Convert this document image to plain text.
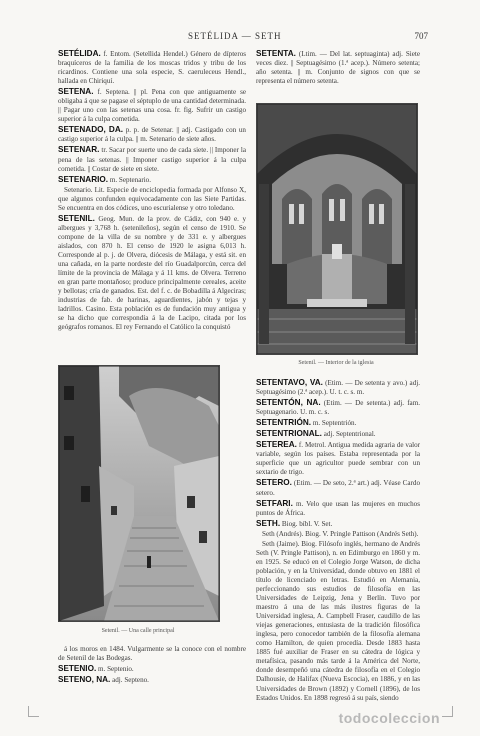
SETÉLIDA — SETH	707

SETÉLIDA. f. Entom. (Setellida Hendel.) Género de dípteros braquíceros de la familia de los moscas tridos y tribu de los ricardinos. Contiene una sola especie, S. caeruleceus Hendl., hallada en Chiriquí.

SETENA. f. Septena. || pl. Pena con que antiguamente se obligaba á que se pagase el séptuplo de una cantidad determinada. || Pagar uno con las setenas una cosa. fr. fig. Sufrir un castigo superior á la culpa cometida.

SETENADO, DA. p. p. de Setenar. || adj. Castigado con un castigo superior á la culpa. || m. Setenario de siete años.

SETENAR. tr. Sacar por suerte uno de cada siete. || Imponer la pena de las setenas. || Imponer castigo superior á la culpa cometida. || Costar de siete en siete.

SETENARIO. m. Septenario.

Setenario. Lit. Especie de enciclopedia formada por Alfonso X, que algunos confunden equivocadamente con las Siete Partidas. Se encuentra en dos códices, uno escurialense y otro toledano.

SETENIL. Geog. Mun. de la prov. de Cádiz, con 940 e. y albergues y 3,768 h. (setenileños), según el censo de 1910. Se compone de la villa de su nombre y de 331 e. y albergues aislados, con 870 h. El censo de 1920 le asigna 6,013 h. Corresponde al p. j. de Olvera, diócesis de Málaga, y está sit. en una cañada, en la parte nordeste del río Guadalporcún, cerca del límite de la provincia de Málaga y á 11 kms. de Olvera. Terreno en gran parte montañoso; produce principalmente cereales, aceite y bellotas; cría de ganados. Est. del f. c. de Bobadilla á Algeciras; industrias de fab. de harinas, aguardientes, jabón y tejas y ladrillos. Casino. Esta población es de fundación muy antigua y se ha dicho que correspondía á la de Lacipo, citada por los geógrafos romanos. El rey Fernando el Católico la conquistó

Setenil. — Una calle principal

á los moros en 1484. Vulgarmente se la conoce con el nombre de Setenil de las Bodegas.

SETENIO. m. Septenio.

SETENO, NA. adj. Septeno.

SETENTA. (Ltim. — Del lat. septuaginta) adj. Siete veces diez. || Septuagésimo (1.ª acep.). Número setenta; año setenta. || m. Conjunto de signos con que se representa el número setenta.

Setenil. — Interior de la iglesia

SETENTAVO, VA. (Etim. — De setenta y avo.) adj. Septuagésimo (2.ª acep.). U. t. c. s. m.

SETENTÓN, NA. (Etim. — De setenta.) adj. fam. Septuagenario. U. m. c. s.

SETENTRIÓN. m. Septentrión.

SETENTRIONAL. adj. Septentrional.

SETEREA. f. Metrol. Antigua medida agraria de valor variable, según los países. Estaba representada por la superficie que un agricultor puede sembrar con un sextario de trigo.

SETERO. (Etim. — De seto, 2.ª art.) adj. Véase Cardo setero.

SETFARI. m. Velo que usan las mujeres en muchos puntos de África.

SETH. Biog. bíbl. V. Set.

Seth (Andrés). Biog. V. Pringle Pattison (Andrés Seth).

Seth (Jaime). Biog. Filósofo inglés, hermano de Andrés Seth (V. Pringle Pattison), n. en Edimburgo en 1860 y m. en 1925. Se educó en el Colegio Jorge Watson, de dicha población, y en la Universidad, donde obtuvo en 1881 el título de licenciado en letras. Estudió en Alemania, perfeccionando sus estudios de filosofía en las Universidades de Leipzig, Jena y Berlín. Tuvo por maestro á una de las más ilustres figuras de la Universidad inglesa, A. Campbell Fraser, caudillo de las viejas generaciones, entusiasta de la tradición filosófica inglesa, pero conocedor también de la filosofía alemana como Hamilton, de quien procedía. Desde 1883 hasta 1885 fué auxiliar de Fraser en su cátedra de lógica y metafísica, pasando más tarde á la América del Norte, donde desempeñó una cátedra de filosofía en el Colegio Dalhousie, de Halifax (Nueva Escocia), en 1886, y en las Universidades de Brown (1892) y Cornell (1896), de los Estados Unidos. En 1898 regresó á su país, siendo

todocoleccion
